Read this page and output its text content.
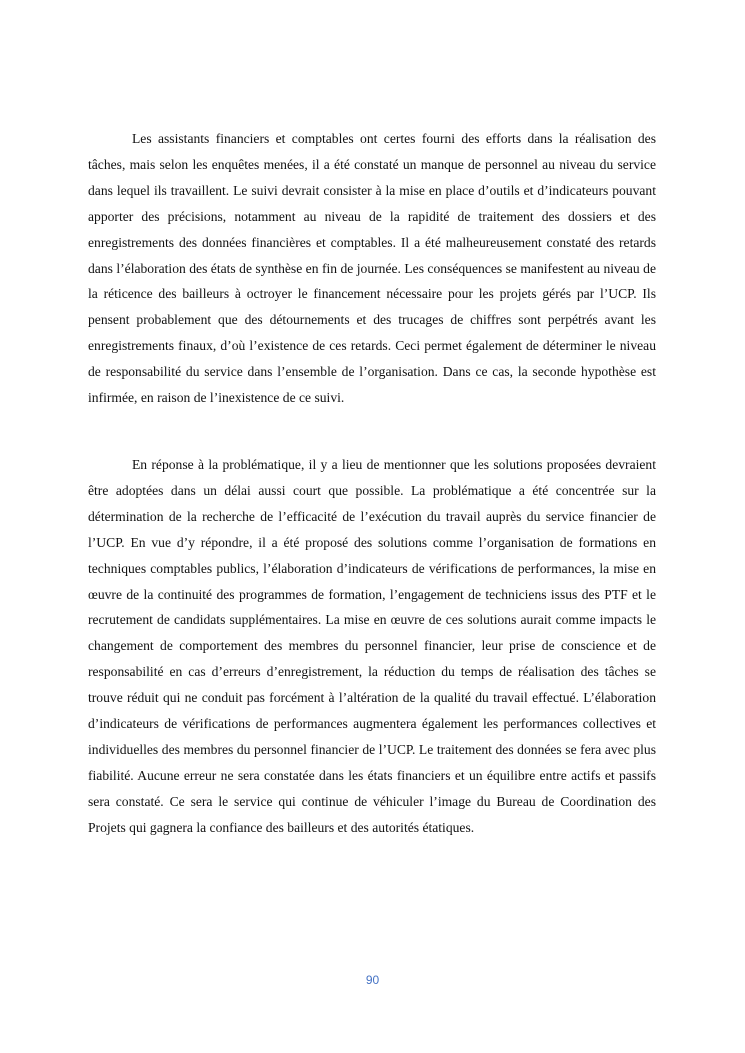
Les assistants financiers et comptables ont certes fourni des efforts dans la réalisation des tâches, mais selon les enquêtes menées, il a été constaté un manque de personnel au niveau du service dans lequel ils travaillent. Le suivi devrait consister à la mise en place d’outils et d’indicateurs pouvant apporter des précisions, notamment au niveau de la rapidité de traitement des dossiers et des enregistrements des données financières et comptables. Il a été malheureusement constaté des retards dans l’élaboration des états de synthèse en fin de journée. Les conséquences se manifestent au niveau de la réticence des bailleurs à octroyer le financement nécessaire pour les projets gérés par l’UCP. Ils pensent probablement que des détournements et des trucages de chiffres sont perpétrés avant les enregistrements finaux, d’où l’existence de ces retards. Ceci permet également de déterminer le niveau de responsabilité du service dans l’ensemble de l’organisation. Dans ce cas, la seconde hypothèse est infirmée, en raison de l’inexistence de ce suivi.

En réponse à la problématique, il y a lieu de mentionner que les solutions proposées devraient être adoptées dans un délai aussi court que possible. La problématique a été concentrée sur la détermination de la recherche de l’efficacité de l’exécution du travail auprès du service financier de l’UCP. En vue d’y répondre, il a été proposé des solutions comme l’organisation de formations en techniques comptables publics, l’élaboration d’indicateurs de vérifications de performances, la mise en œuvre de la continuité des programmes de formation, l’engagement de techniciens issus des PTF et le recrutement de candidats supplémentaires. La mise en œuvre de ces solutions aurait comme impacts le changement de comportement des membres du personnel financier, leur prise de conscience et de responsabilité en cas d’erreurs d’enregistrement, la réduction du temps de réalisation des tâches se trouve réduit qui ne conduit pas forcément à l’altération de la qualité du travail effectué. L’élaboration d’indicateurs de vérifications de performances augmentera également les performances collectives et individuelles des membres du personnel financier de l’UCP. Le traitement des données se fera avec plus fiabilité. Aucune erreur ne sera constatée dans les états financiers et un équilibre entre actifs et passifs sera constaté. Ce sera le service qui continue de véhiculer l’image du Bureau de Coordination des Projets qui gagnera la confiance des bailleurs et des autorités étatiques.

90
